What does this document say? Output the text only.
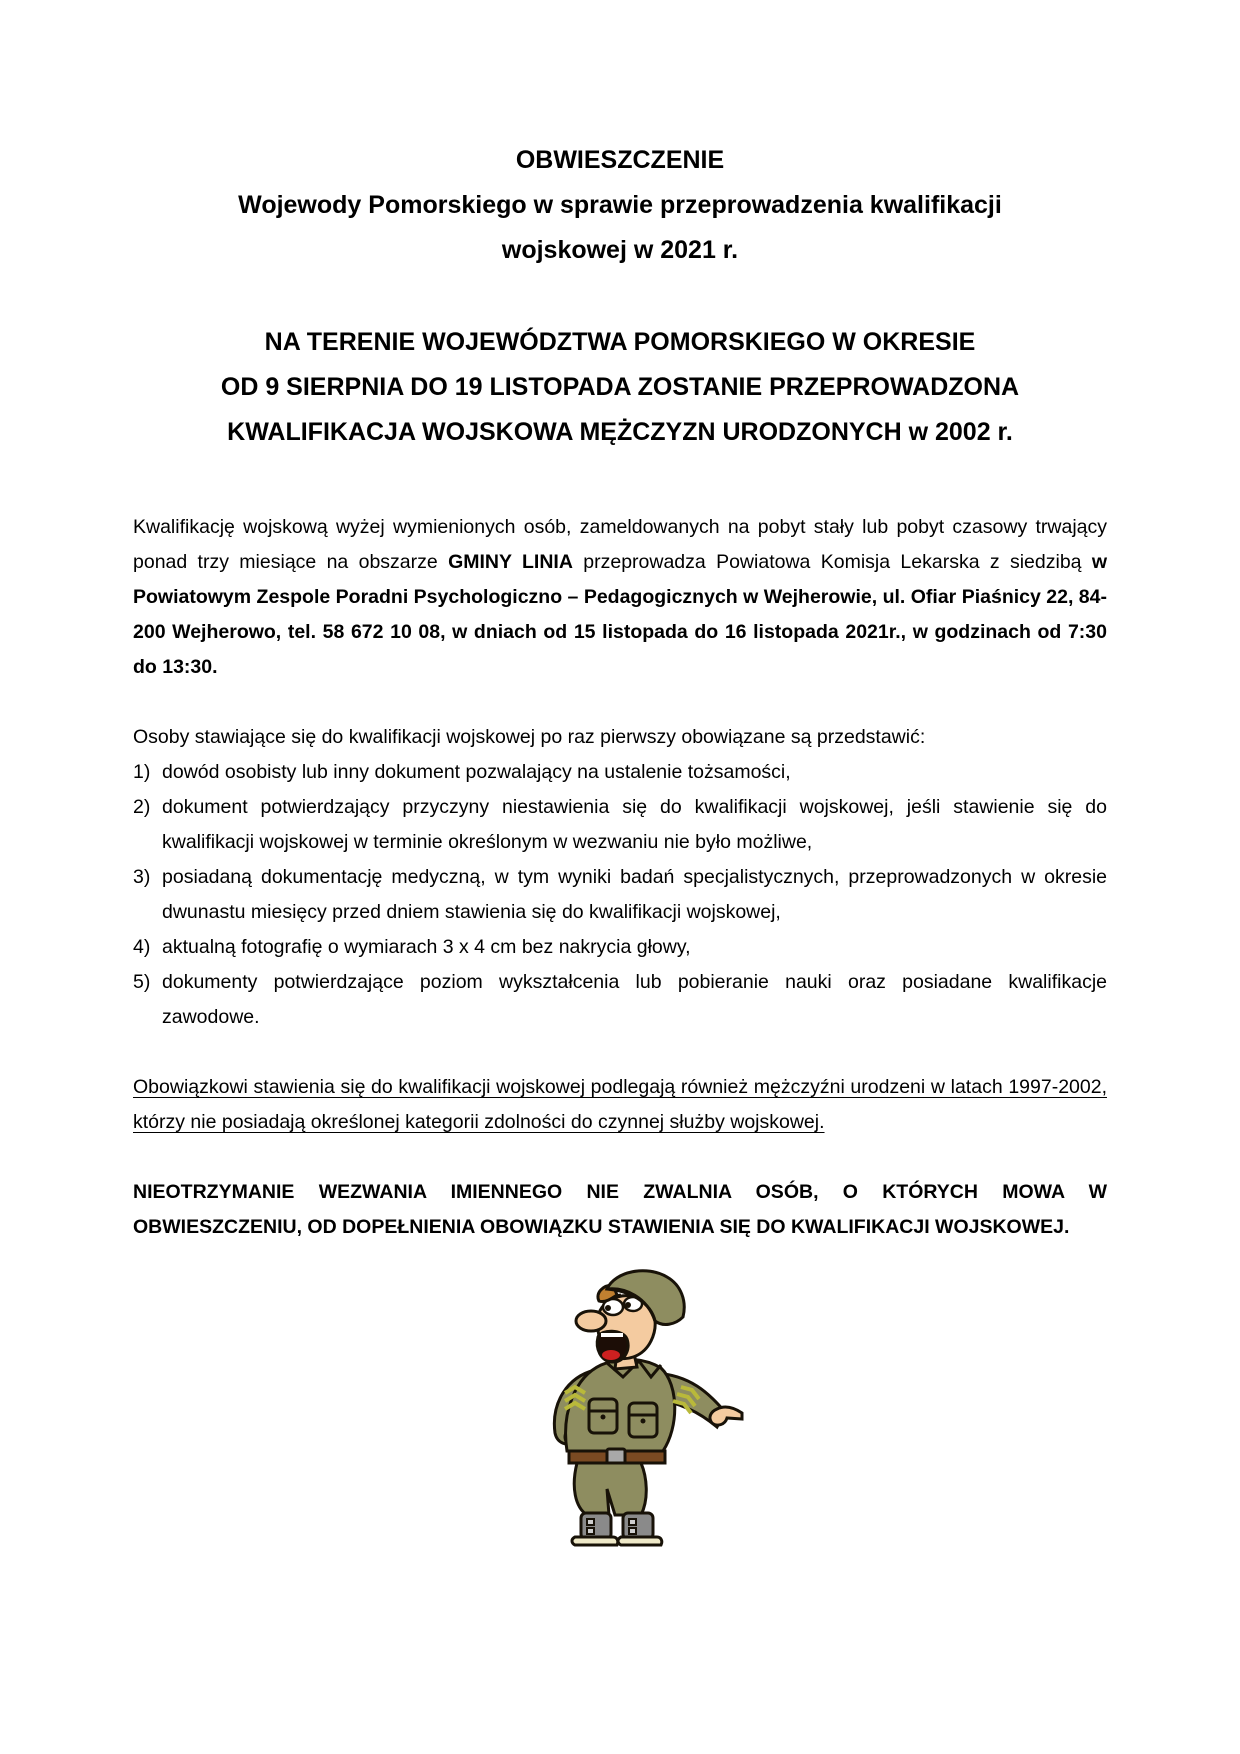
OBWIESZCZENIE
Wojewody Pomorskiego w sprawie przeprowadzenia kwalifikacji
wojskowej w 2021 r.
NA TERENIE WOJEWÓDZTWA POMORSKIEGO W OKRESIE
OD 9 SIERPNIA DO 19 LISTOPADA ZOSTANIE PRZEPROWADZONA
KWALIFIKACJA WOJSKOWA MĘŻCZYZN URODZONYCH w 2002 r.

Kwalifikację wojskową wyżej wymienionych osób, zameldowanych na pobyt stały lub pobyt czasowy trwający ponad trzy miesiące na obszarze GMINY LINIA przeprowadza Powiatowa Komisja Lekarska z siedzibą w Powiatowym Zespole Poradni Psychologiczno – Pedagogicznych w Wejherowie, ul. Ofiar Piaśnicy 22, 84-200 Wejherowo, tel. 58 672 10 08, w dniach od 15 listopada do 16 listopada 2021r., w godzinach od 7:30 do 13:30.

Osoby stawiające się do kwalifikacji wojskowej po raz pierwszy obowiązane są przedstawić:
1) dowód osobisty lub inny dokument pozwalający na ustalenie tożsamości,
2) dokument potwierdzający przyczyny niestawienia się do kwalifikacji wojskowej, jeśli stawienie się do kwalifikacji wojskowej w terminie określonym w wezwaniu nie było możliwe,
3) posiadaną dokumentację medyczną, w tym wyniki badań specjalistycznych, przeprowadzonych w okresie dwunastu miesięcy przed dniem stawienia się do kwalifikacji wojskowej,
4) aktualną fotografię o wymiarach 3 x 4 cm bez nakrycia głowy,
5) dokumenty potwierdzające poziom wykształcenia lub pobieranie nauki oraz posiadane kwalifikacje zawodowe.

Obowiązkowi stawienia się do kwalifikacji wojskowej podlegają również mężczyźni urodzeni w latach 1997-2002, którzy nie posiadają określonej kategorii zdolności do czynnej służby wojskowej.

NIEOTRZYMANIE WEZWANIA IMIENNEGO NIE ZWALNIA OSÓB, O KTÓRYCH MOWA W OBWIESZCZENIU, OD DOPEŁNIENIA OBOWIĄZKU STAWIENIA SIĘ DO KWALIFIKACJI WOJSKOWEJ.
